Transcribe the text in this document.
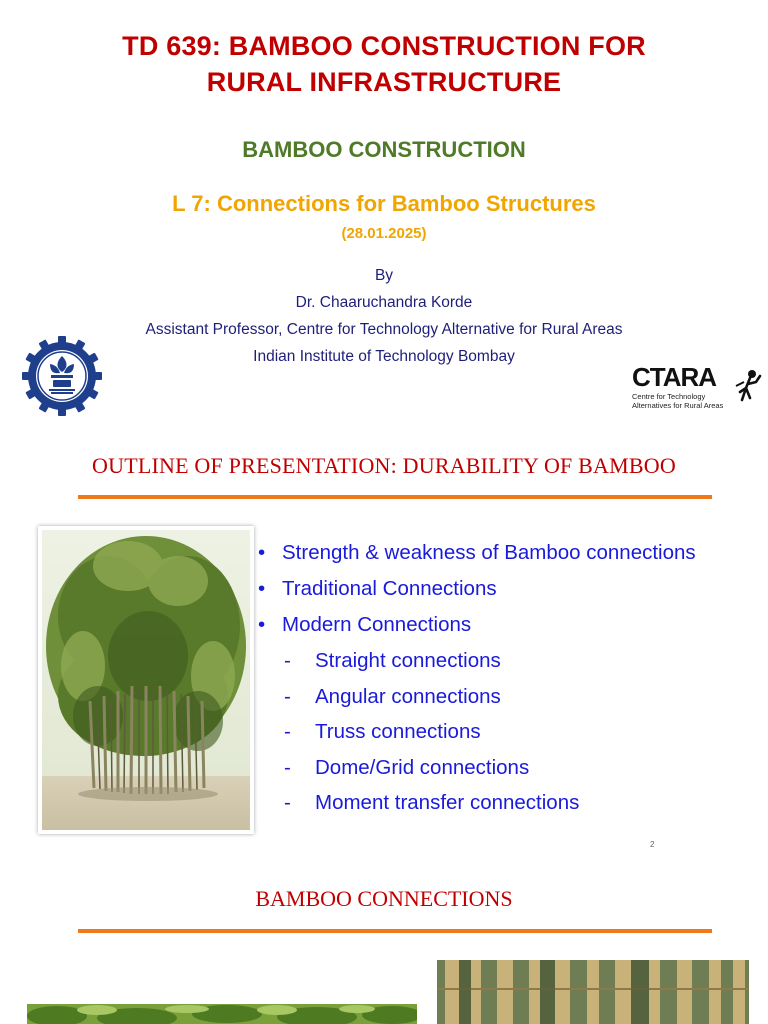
TD 639: BAMBOO CONSTRUCTION FOR
RURAL INFRASTRUCTURE
BAMBOO CONSTRUCTION
L 7: Connections for Bamboo Structures
(28.01.2025)
By
Dr. Chaaruchandra Korde
Assistant Professor, Centre for Technology Alternative for Rural Areas
Indian Institute of Technology Bombay
CTARA
Centre for Technology
Alternatives for Rural Areas
OUTLINE OF PRESENTATION: DURABILITY OF BAMBOO
• Strength & weakness of Bamboo connections
• Traditional Connections
• Modern Connections
- Straight connections
- Angular connections
- Truss connections
- Dome/Grid connections
- Moment transfer connections
2
BAMBOO CONNECTIONS
